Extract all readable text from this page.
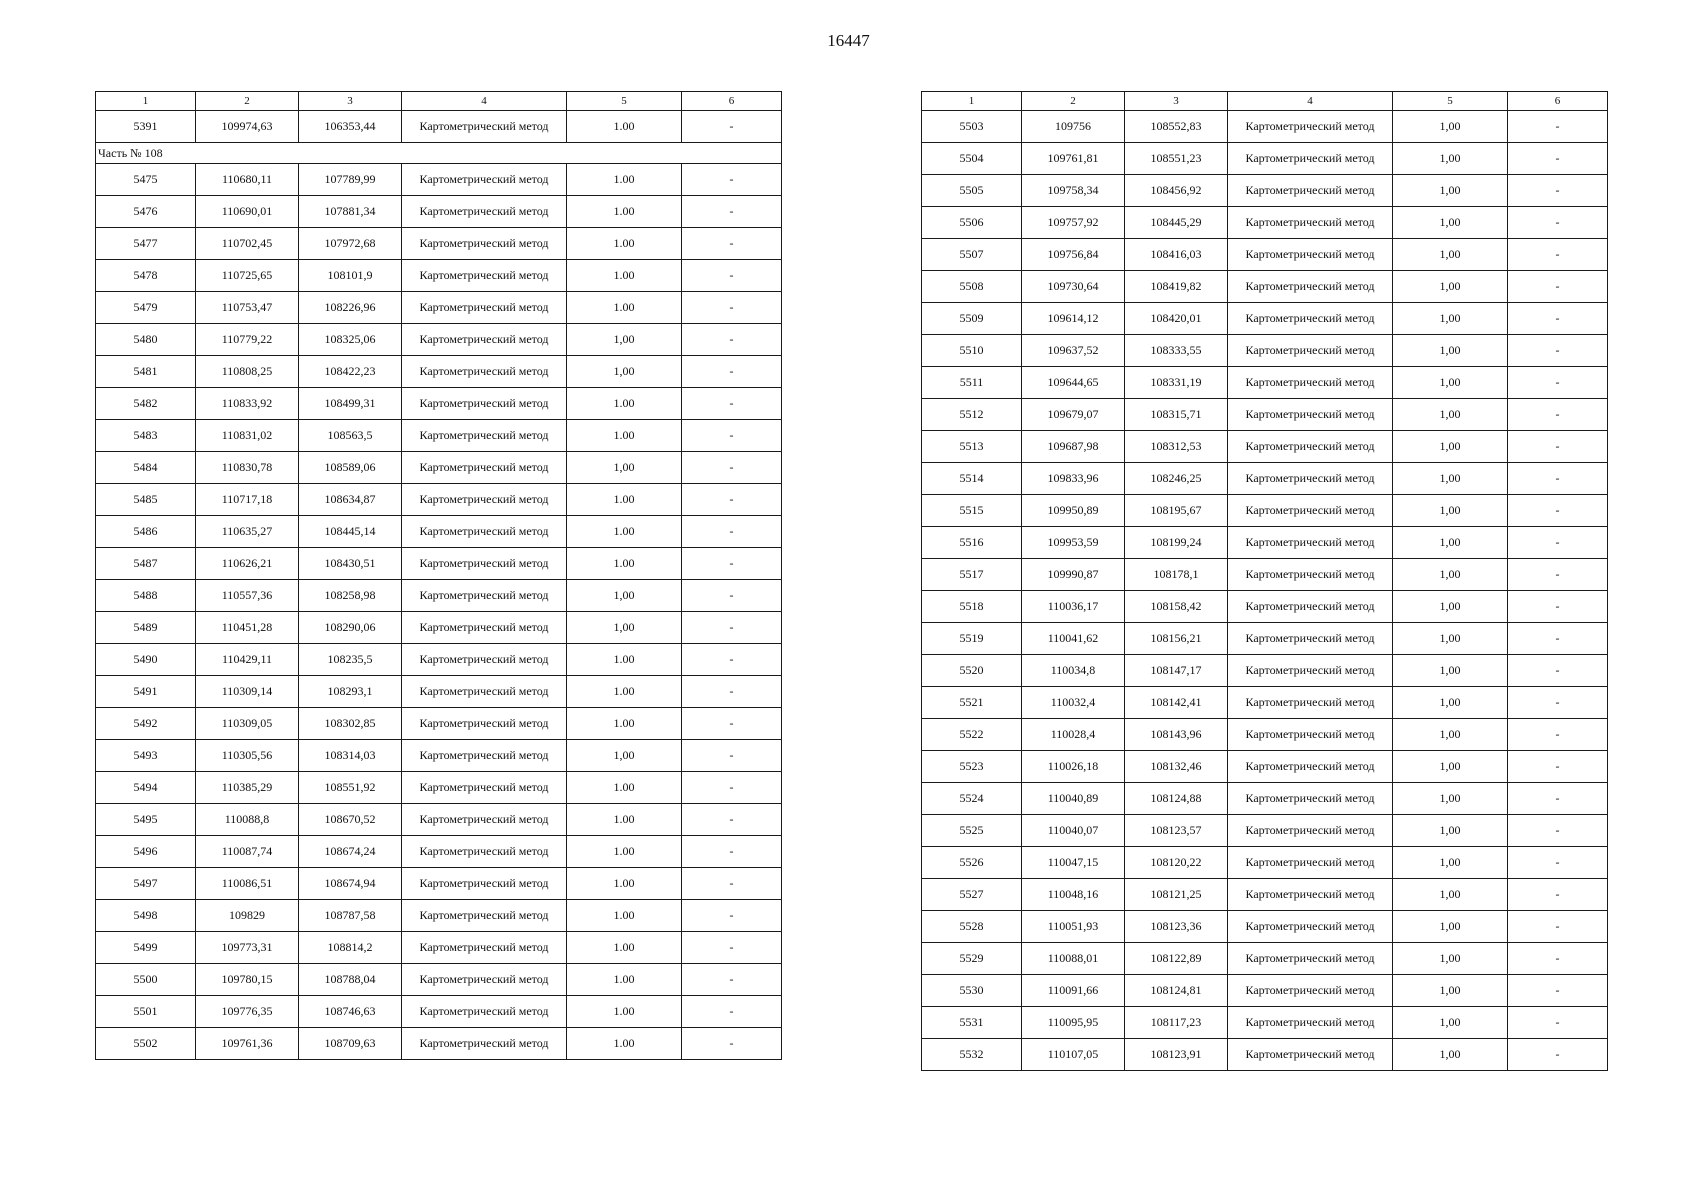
16447
1	2	3	4	5	6
5391	109974,63	106353,44	Картометрический метод	1.00	-
Часть № 108					
5475	110680,11	107789,99	Картометрический метод	1.00	-
5476	110690,01	107881,34	Картометрический метод	1.00	-
5477	110702,45	107972,68	Картометрический метод	1.00	-
5478	110725,65	108101,9	Картометрический метод	1.00	-
5479	110753,47	108226,96	Картометрический метод	1.00	-
5480	110779,22	108325,06	Картометрический метод	1,00	-
5481	110808,25	108422,23	Картометрический метод	1,00	-
5482	110833,92	108499,31	Картометрический метод	1.00	-
5483	110831,02	108563,5	Картометрический метод	1.00	-
5484	110830,78	108589,06	Картометрический метод	1,00	-
5485	110717,18	108634,87	Картометрический метод	1.00	-
5486	110635,27	108445,14	Картометрический метод	1.00	-
5487	110626,21	108430,51	Картометрический метод	1.00	-
5488	110557,36	108258,98	Картометрический метод	1,00	-
5489	110451,28	108290,06	Картометрический метод	1,00	-
5490	110429,11	108235,5	Картометрический метод	1.00	-
5491	110309,14	108293,1	Картометрический метод	1.00	-
5492	110309,05	108302,85	Картометрический метод	1.00	-
5493	110305,56	108314,03	Картометрический метод	1,00	-
5494	110385,29	108551,92	Картометрический метод	1.00	-
5495	110088,8	108670,52	Картометрический метод	1.00	-
5496	110087,74	108674,24	Картометрический метод	1.00	-
5497	110086,51	108674,94	Картометрический метод	1.00	-
5498	109829	108787,58	Картометрический метод	1.00	-
5499	109773,31	108814,2	Картометрический метод	1.00	-
5500	109780,15	108788,04	Картометрический метод	1.00	-
5501	109776,35	108746,63	Картометрический метод	1.00	-
5502	109761,36	108709,63	Картометрический метод	1.00	-
1	2	3	4	5	6
5503	109756	108552,83	Картометрический метод	1,00	-
5504	109761,81	108551,23	Картометрический метод	1,00	-
5505	109758,34	108456,92	Картометрический метод	1,00	-
5506	109757,92	108445,29	Картометрический метод	1,00	-
5507	109756,84	108416,03	Картометрический метод	1,00	-
5508	109730,64	108419,82	Картометрический метод	1,00	-
5509	109614,12	108420,01	Картометрический метод	1,00	-
5510	109637,52	108333,55	Картометрический метод	1,00	-
5511	109644,65	108331,19	Картометрический метод	1,00	-
5512	109679,07	108315,71	Картометрический метод	1,00	-
5513	109687,98	108312,53	Картометрический метод	1,00	-
5514	109833,96	108246,25	Картометрический метод	1,00	-
5515	109950,89	108195,67	Картометрический метод	1,00	-
5516	109953,59	108199,24	Картометрический метод	1,00	-
5517	109990,87	108178,1	Картометрический метод	1,00	-
5518	110036,17	108158,42	Картометрический метод	1,00	-
5519	110041,62	108156,21	Картометрический метод	1,00	-
5520	110034,8	108147,17	Картометрический метод	1,00	-
5521	110032,4	108142,41	Картометрический метод	1,00	-
5522	110028,4	108143,96	Картометрический метод	1,00	-
5523	110026,18	108132,46	Картометрический метод	1,00	-
5524	110040,89	108124,88	Картометрический метод	1,00	-
5525	110040,07	108123,57	Картометрический метод	1,00	-
5526	110047,15	108120,22	Картометрический метод	1,00	-
5527	110048,16	108121,25	Картометрический метод	1,00	-
5528	110051,93	108123,36	Картометрический метод	1,00	-
5529	110088,01	108122,89	Картометрический метод	1,00	-
5530	110091,66	108124,81	Картометрический метод	1,00	-
5531	110095,95	108117,23	Картометрический метод	1,00	-
5532	110107,05	108123,91	Картометрический метод	1,00	-
